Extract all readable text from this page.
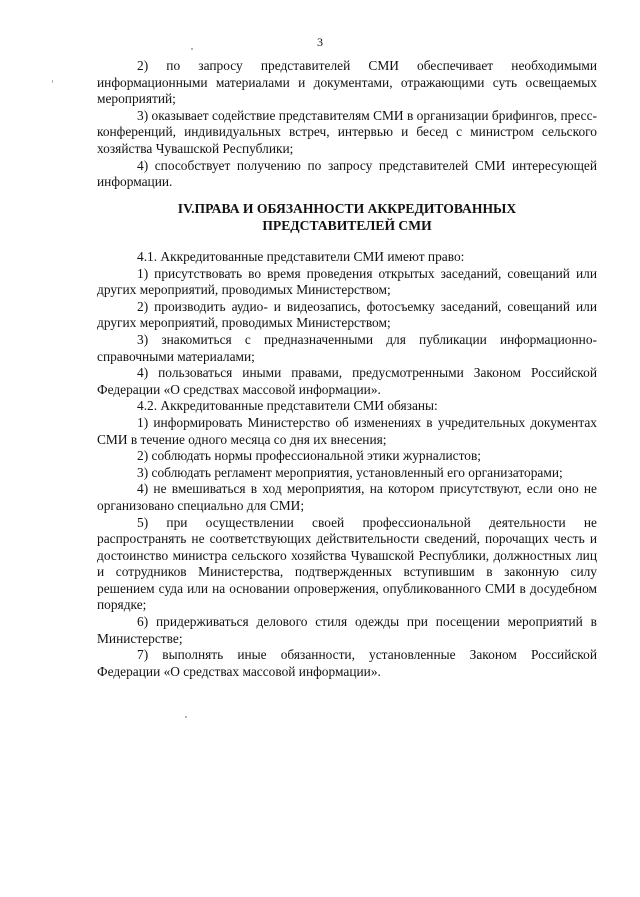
3

2) по запросу представителей СМИ обеспечивает необходимыми информационными материалами и документами, отражающими суть освещаемых мероприятий;

3) оказывает содействие представителям СМИ в организации брифингов, пресс-конференций, индивидуальных встреч, интервью и бесед с министром сельского хозяйства Чувашской Республики;

4) способствует получению по запросу представителей СМИ интересующей информации.

IV.ПРАВА И ОБЯЗАННОСТИ АККРЕДИТОВАННЫХ
ПРЕДСТАВИТЕЛЕЙ СМИ

4.1. Аккредитованные представители СМИ имеют право:

1) присутствовать во время проведения открытых заседаний, совещаний или других мероприятий, проводимых Министерством;

2) производить аудио- и видеозапись, фотосъемку заседаний, совещаний или других мероприятий, проводимых Министерством;

3) знакомиться с предназначенными для публикации информационно-справочными материалами;

4) пользоваться иными правами, предусмотренными Законом Российской Федерации «О средствах массовой информации».

4.2. Аккредитованные представители СМИ обязаны:

1) информировать Министерство об изменениях в учредительных документах СМИ в течение одного месяца со дня их внесения;

2) соблюдать нормы профессиональной этики журналистов;

3) соблюдать регламент мероприятия, установленный его организаторами;

4) не вмешиваться в ход мероприятия, на котором присутствуют, если оно не организовано специально для СМИ;

5) при осуществлении своей профессиональной деятельности не распространять не соответствующих действительности сведений, порочащих честь и достоинство министра сельского хозяйства Чувашской Республики, должностных лиц и сотрудников Министерства, подтвержденных вступившим в законную силу решением суда или на основании опровержения, опубликованного СМИ в досудебном порядке;

6) придерживаться делового стиля одежды при посещении мероприятий в Министерстве;

7) выполнять иные обязанности, установленные Законом Российской Федерации «О средствах массовой информации».
